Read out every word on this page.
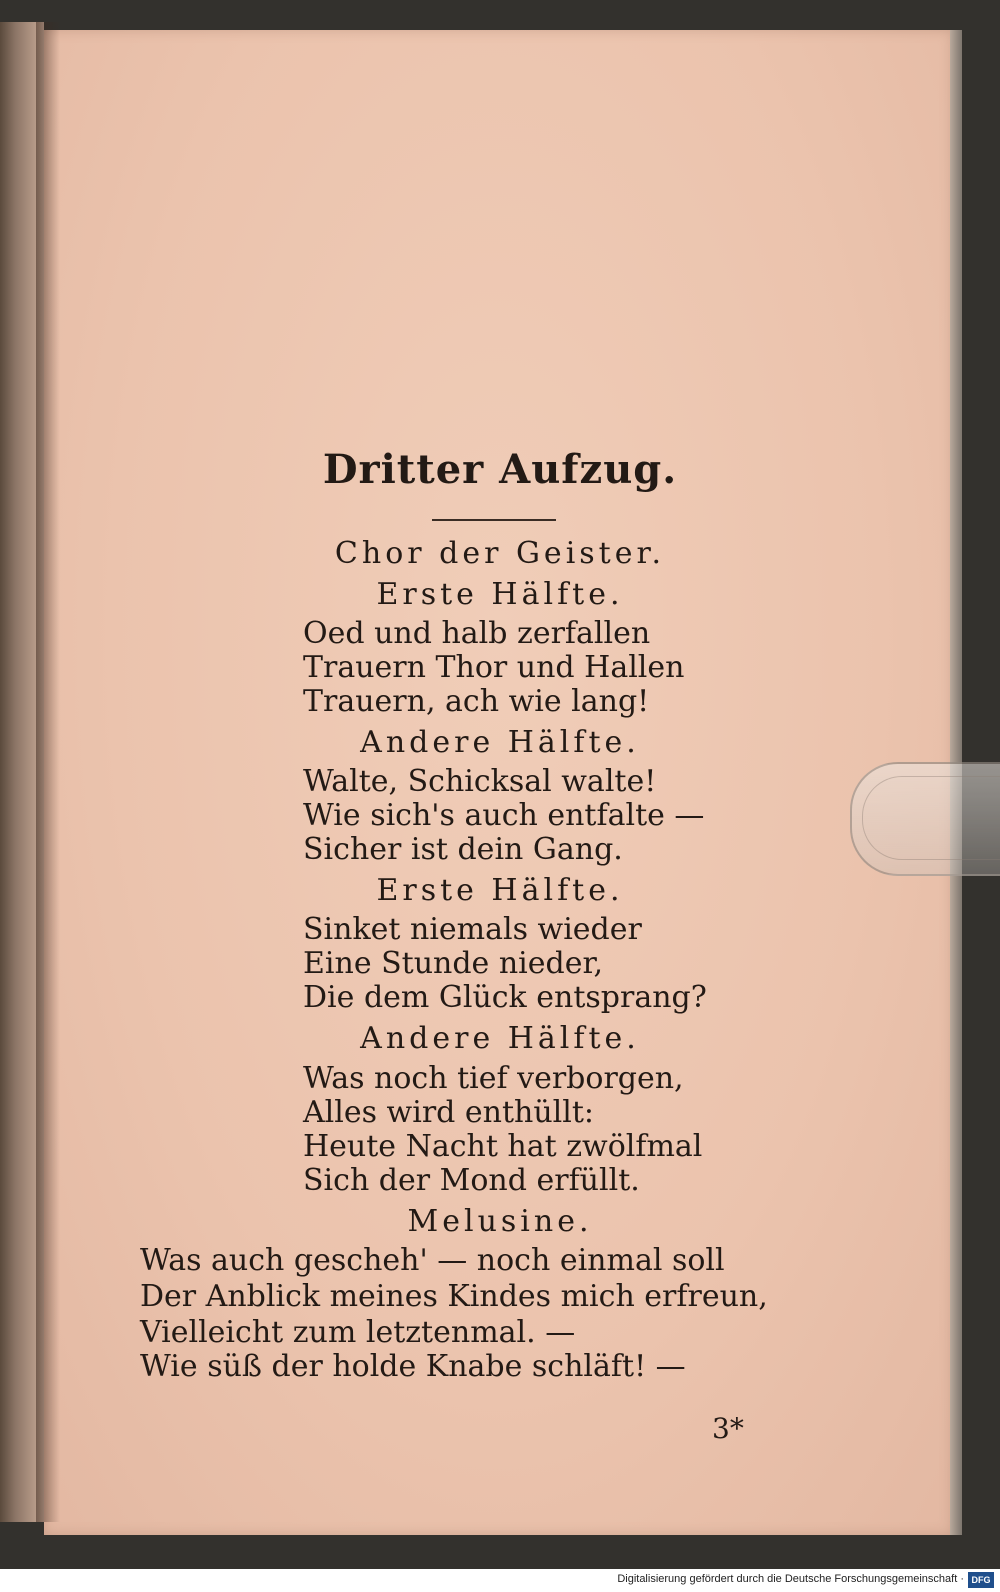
Dritter Aufzug.
Chor der Geister.
Erste Hälfte.
Oed und halb zerfallen
Trauern Thor und Hallen
Trauern, ach wie lang!
Andere Hälfte.
Walte, Schicksal walte!
Wie sich's auch entfalte —
Sicher ist dein Gang.
Erste Hälfte.
Sinket niemals wieder
Eine Stunde nieder,
Die dem Glück entsprang?
Andere Hälfte.
Was noch tief verborgen,
Alles wird enthüllt:
Heute Nacht hat zwölfmal
Sich der Mond erfüllt.
Melusine.
Was auch gescheh' — noch einmal soll
Der Anblick meines Kindes mich erfreun,
Vielleicht zum letztenmal. —
Wie süß der holde Knabe schläft! —
3*
Digitalisierung gefördert durch die Deutsche Forschungsgemeinschaft · DFG
